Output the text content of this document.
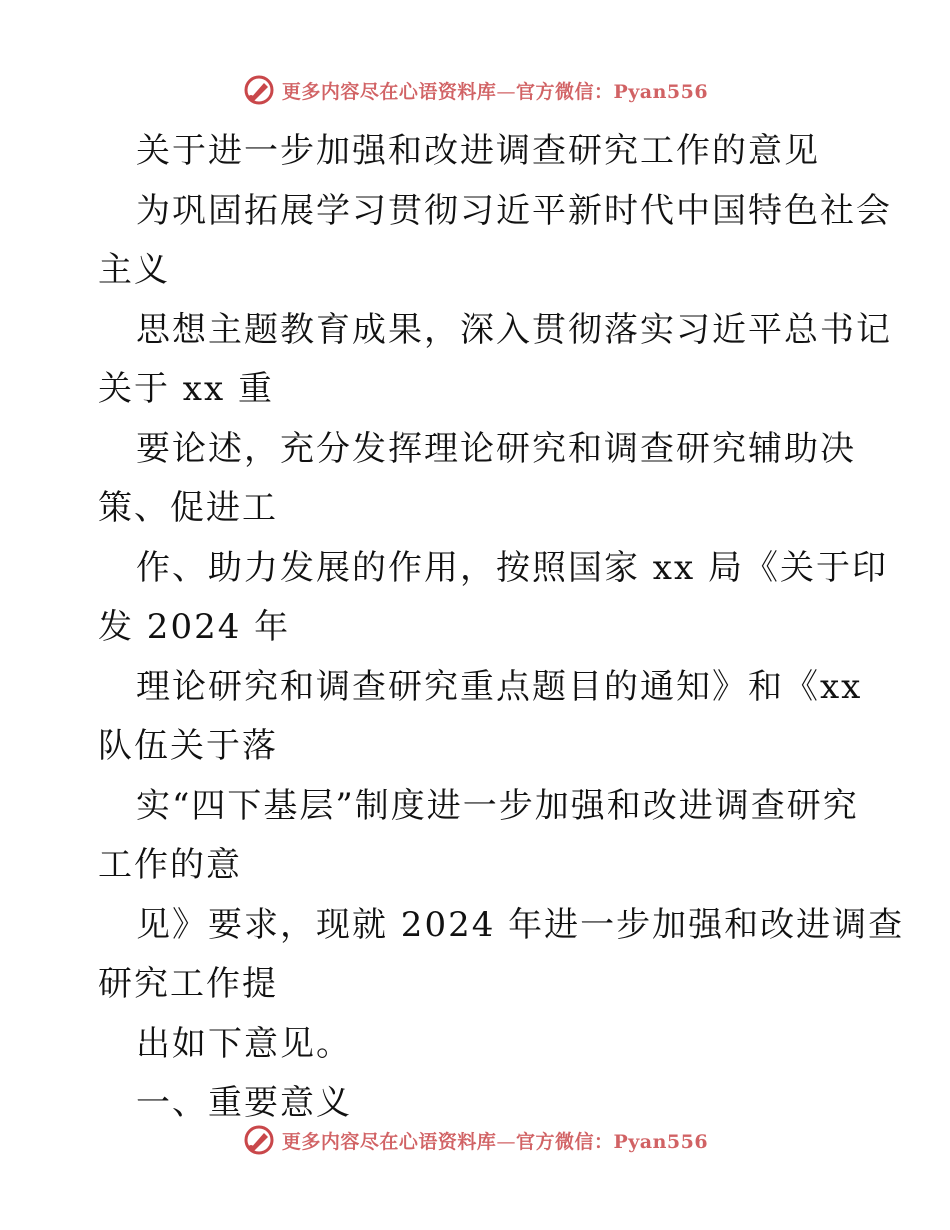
更多内容尽在心语资料库—官方微信：Pyan556
关于进一步加强和改进调查研究工作的意见
为巩固拓展学习贯彻习近平新时代中国特色社会
主义
思想主题教育成果，深入贯彻落实习近平总书记
关于 xx 重
要论述，充分发挥理论研究和调查研究辅助决
策、促进工
作、助力发展的作用，按照国家 xx 局《关于印
发 2024 年
理论研究和调查研究重点题目的通知》和《xx
队伍关于落
实“四下基层”制度进一步加强和改进调查研究
工作的意
见》要求，现就 2024 年进一步加强和改进调查
研究工作提
出如下意见。
一、重要意义
更多内容尽在心语资料库—官方微信：Pyan556
